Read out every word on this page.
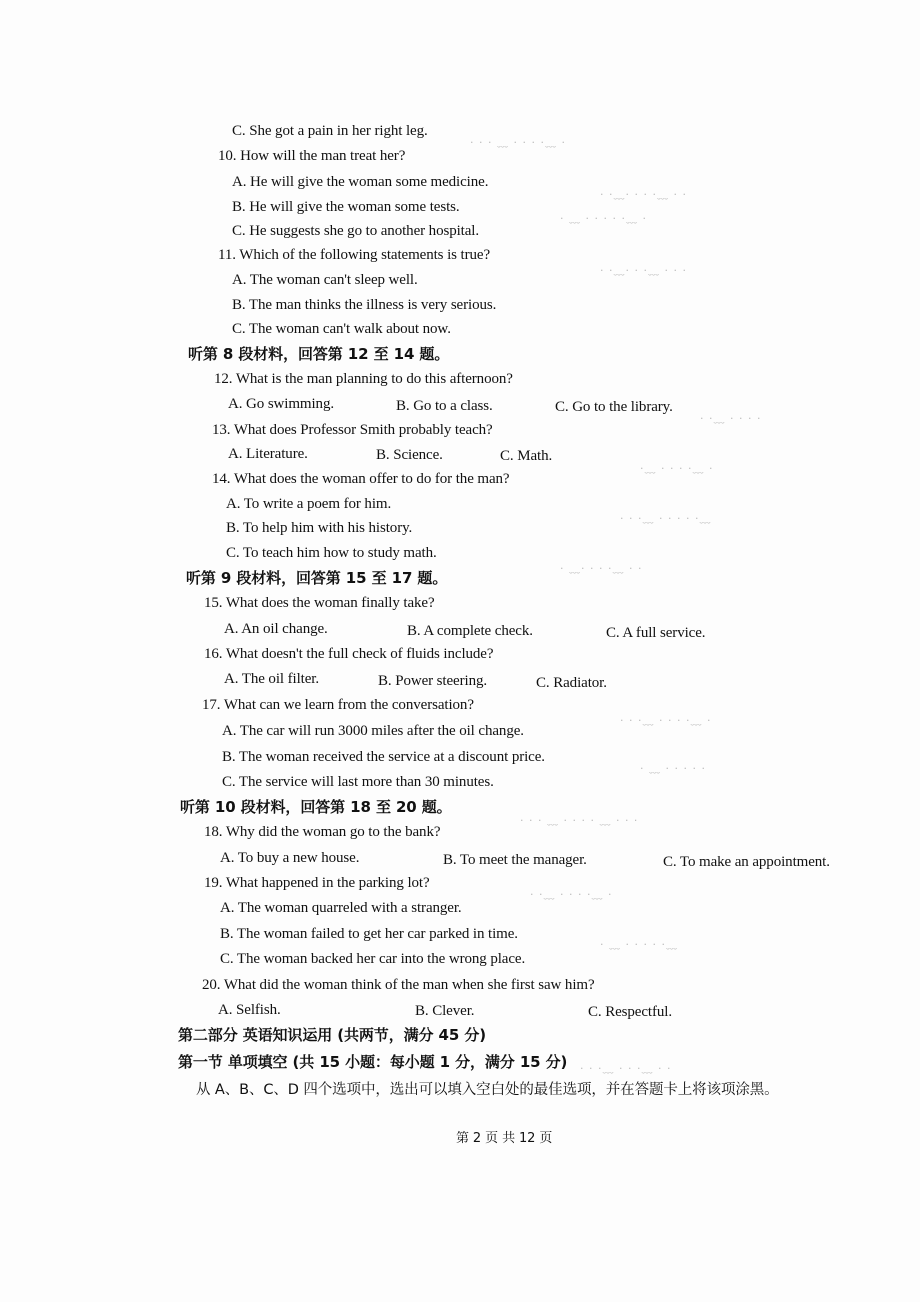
· · · ﹏ · · · ·﹏ ·
· ·﹏· · · ·﹏ · ·
· ﹏ · · · · ·﹏ ·
· ·﹏· · ·﹏ · · ·
· ·﹏ · · · ·
·﹏ · · · ·﹏ ·
· · ·﹏ · · · · ·﹏
· ﹏· · · ·﹏ · ·
· · ·﹏ · · · ·﹏ ·
· ﹏ · · · · ·
· · · ﹏ · · · · ﹏ · · ·
· ·﹏ · · · ·﹏ ·
· ﹏ · · · · ·﹏
· · ·﹏ · · ·﹏ · ·
C. She got a pain in her right leg.
10. How will the man treat her?
A. He will give the woman some medicine.
B. He will give the woman some tests.
C. He suggests she go to another hospital.
11. Which of the following statements is true?
A. The woman can't sleep well.
B. The man thinks the illness is very serious.
C. The woman can't walk about now.
听第 8 段材料，回答第 12 至 14 题。
12. What is the man planning to do this afternoon?
A. Go swimming.	B. Go to a class.	C. Go to the library.
13. What does Professor Smith probably teach?
A. Literature.	B. Science.	C. Math.
14. What does the woman offer to do for the man?
A. To write a poem for him.
B. To help him with his history.
C. To teach him how to study math.
听第 9 段材料，回答第 15 至 17 题。
15. What does the woman finally take?
A. An oil change.	B. A complete check.	C. A full service.
16. What doesn't the full check of fluids include?
A. The oil filter.	B. Power steering.	C. Radiator.
17. What can we learn from the conversation?
A. The car will run 3000 miles after the oil change.
B. The woman received the service at a discount price.
C. The service will last more than 30 minutes.
听第 10 段材料，回答第 18 至 20 题。
18. Why did the woman go to the bank?
A. To buy a new house.	B. To meet the manager.	C. To make an appointment.
19. What happened in the parking lot?
A. The woman quarreled with a stranger.
B. The woman failed to get her car parked in time.
C. The woman backed her car into the wrong place.
20. What did the woman think of the man when she first saw him?
A. Selfish.	B. Clever.	C. Respectful.
第二部分 英语知识运用 (共两节，满分 45 分)
第一节 单项填空 (共 15 小题：每小题 1 分，满分 15 分)
从 A、B、C、D 四个选项中，选出可以填入空白处的最佳选项，并在答题卡上将该项涂黑。
第 2 页 共 12 页
